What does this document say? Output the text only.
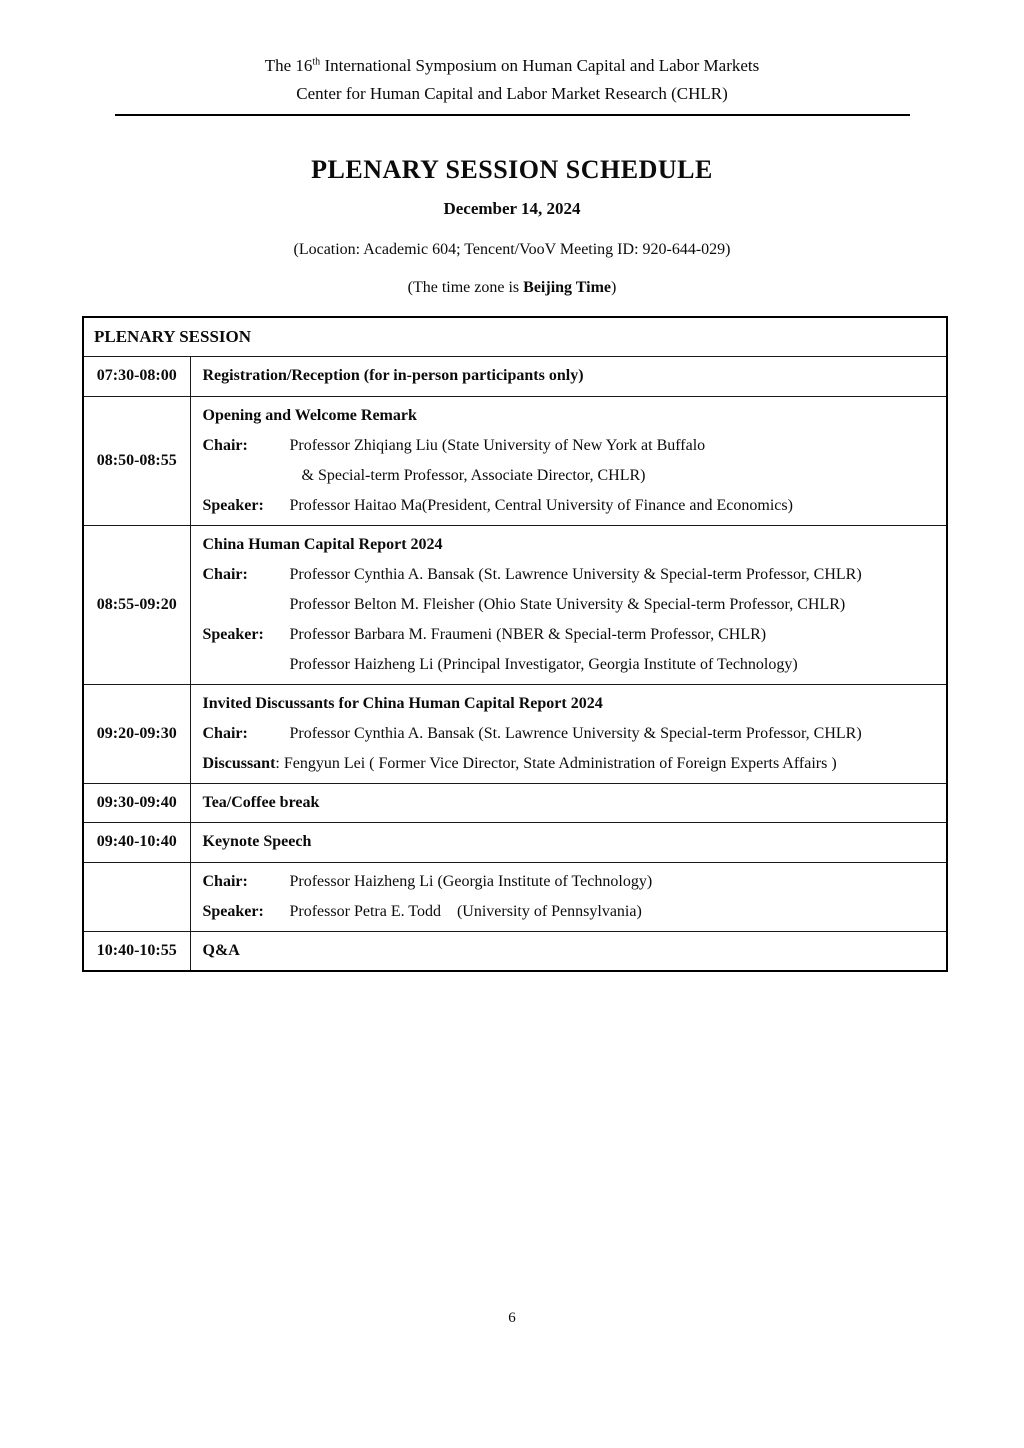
The 16th International Symposium on Human Capital and Labor Markets
Center for Human Capital and Labor Market Research (CHLR)
PLENARY SESSION SCHEDULE
December 14, 2024
(Location: Academic 604; Tencent/VooV Meeting ID: 920-644-029)
(The time zone is Beijing Time)
PLENARY SESSION	
07:30-08:00	Registration/Reception (for in-person participants only)

08:50-08:55	Opening and Welcome Remark
Chair: Professor Zhiqiang Liu (State University of New York at Buffalo
& Special-term Professor, Associate Director, CHLR)
Speaker: Professor Haitao Ma(President, Central University of Finance and Economics)

08:55-09:20	China Human Capital Report 2024
Chair: Professor Cynthia A. Bansak (St. Lawrence University & Special-term Professor, CHLR)
Professor Belton M. Fleisher (Ohio State University & Special-term Professor, CHLR)
Speaker: Professor Barbara M. Fraumeni (NBER & Special-term Professor, CHLR)
Professor Haizheng Li (Principal Investigator, Georgia Institute of Technology)

09:20-09:30	Invited Discussants for China Human Capital Report 2024
Chair: Professor Cynthia A. Bansak (St. Lawrence University & Special-term Professor, CHLR)
Discussant: Fengyun Lei ( Former Vice Director, State Administration of Foreign Experts Affairs )

09:30-09:40	Tea/Coffee break

09:40-10:40	Keynote Speech

	Chair: Professor Haizheng Li (Georgia Institute of Technology)
Speaker: Professor Petra E. Todd    (University of Pennsylvania)

10:40-10:55	Q&A
6
